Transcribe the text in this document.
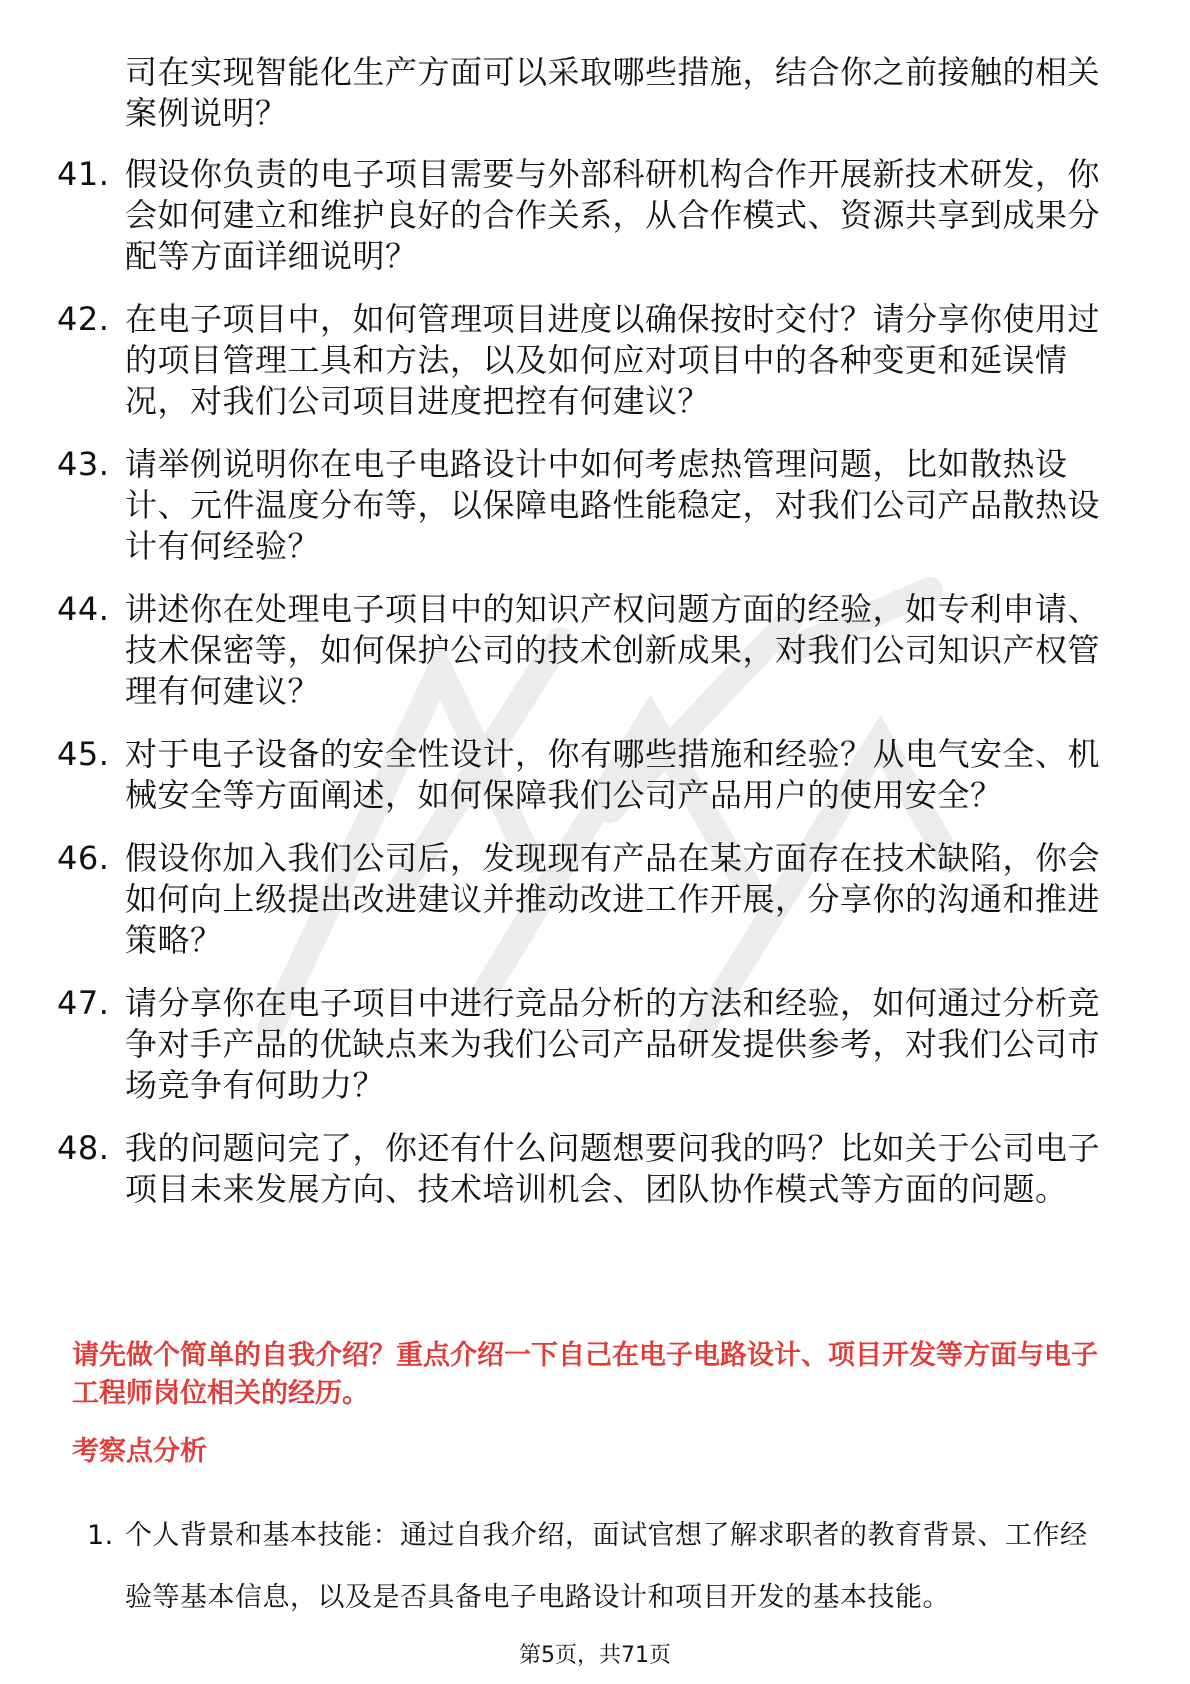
司在实现智能化生产方面可以采取哪些措施，结合你之前接触的相关案例说明？
41. 假设你负责的电子项目需要与外部科研机构合作开展新技术研发，你会如何建立和维护良好的合作关系，从合作模式、资源共享到成果分配等方面详细说明？
42. 在电子项目中，如何管理项目进度以确保按时交付？请分享你使用过的项目管理工具和方法，以及如何应对项目中的各种变更和延误情况，对我们公司项目进度把控有何建议？
43. 请举例说明你在电子电路设计中如何考虑热管理问题，比如散热设计、元件温度分布等，以保障电路性能稳定，对我们公司产品散热设计有何经验？
44. 讲述你在处理电子项目中的知识产权问题方面的经验，如专利申请、技术保密等，如何保护公司的技术创新成果，对我们公司知识产权管理有何建议？
45. 对于电子设备的安全性设计，你有哪些措施和经验？从电气安全、机械安全等方面阐述，如何保障我们公司产品用户的使用安全？
46. 假设你加入我们公司后，发现现有产品在某方面存在技术缺陷，你会如何向上级提出改进建议并推动改进工作开展，分享你的沟通和推进策略？
47. 请分享你在电子项目中进行竞品分析的方法和经验，如何通过分析竞争对手产品的优缺点来为我们公司产品研发提供参考，对我们公司市场竞争有何助力？
48. 我的问题问完了，你还有什么问题想要问我的吗？比如关于公司电子项目未来发展方向、技术培训机会、团队协作模式等方面的问题。
请先做个简单的自我介绍？重点介绍一下自己在电子电路设计、项目开发等方面与电子工程师岗位相关的经历。
考察点分析
1. 个人背景和基本技能：通过自我介绍，面试官想了解求职者的教育背景、工作经验等基本信息，以及是否具备电子电路设计和项目开发的基本技能。
第5页，共71页
